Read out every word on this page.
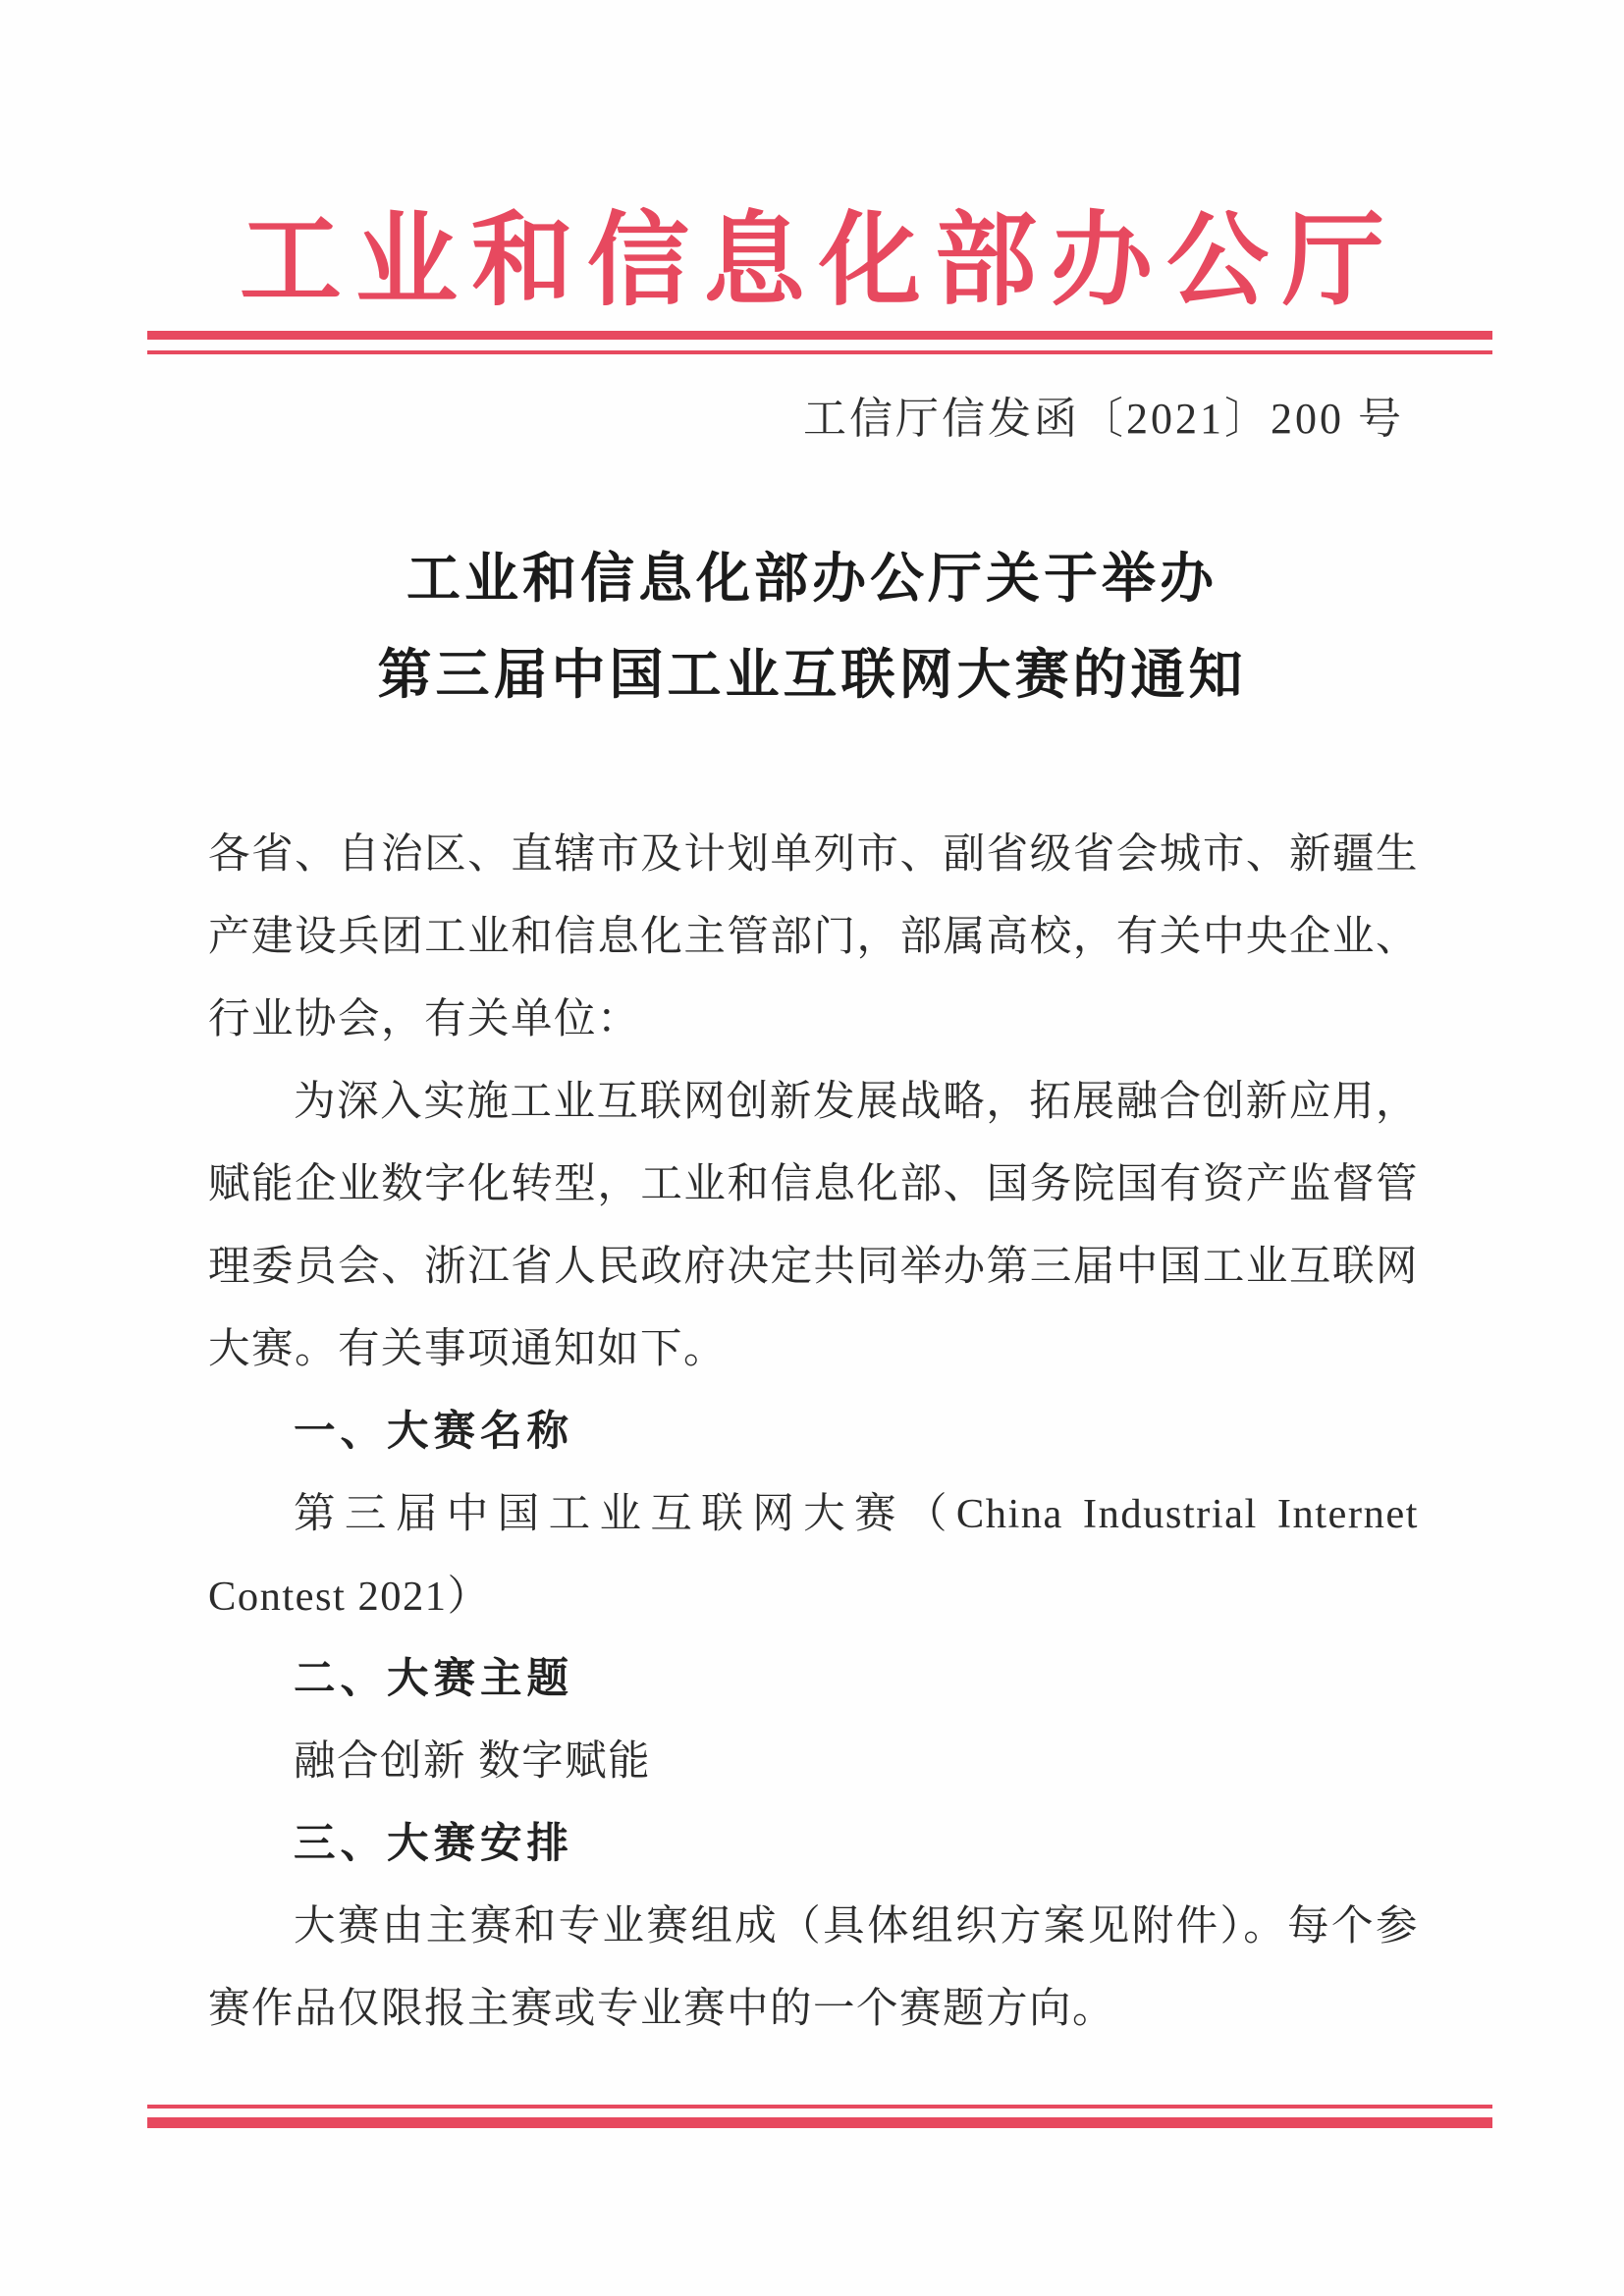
工业和信息化部办公厅
工信厅信发函〔2021〕200 号
工业和信息化部办公厅关于举办
第三届中国工业互联网大赛的通知
各省、自治区、直辖市及计划单列市、副省级省会城市、新疆生
产建设兵团工业和信息化主管部门，部属高校，有关中央企业、
行业协会，有关单位：
为深入实施工业互联网创新发展战略，拓展融合创新应用，
赋能企业数字化转型，工业和信息化部、国务院国有资产监督管
理委员会、浙江省人民政府决定共同举办第三届中国工业互联网
大赛。有关事项通知如下。
一、大赛名称
第三届中国工业互联网大赛（China Industrial Internet
Contest 2021）
二、大赛主题
融合创新 数字赋能
三、大赛安排
大赛由主赛和专业赛组成（具体组织方案见附件）。每个参
赛作品仅限报主赛或专业赛中的一个赛题方向。
